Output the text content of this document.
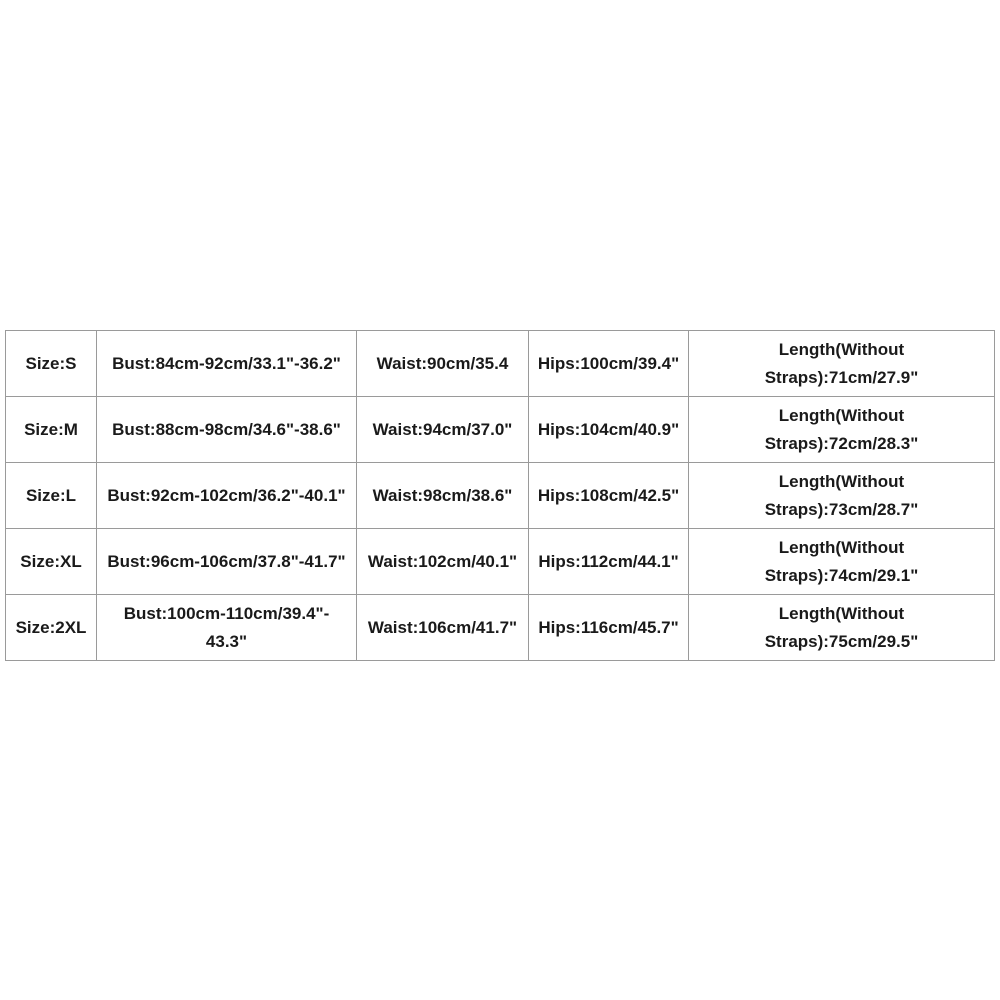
Size:S	Bust:84cm-92cm/33.1"-36.2"	Waist:90cm/35.4	Hips:100cm/39.4"	Length(Without
Straps):71cm/27.9"
Size:M	Bust:88cm-98cm/34.6"-38.6"	Waist:94cm/37.0"	Hips:104cm/40.9"	Length(Without
Straps):72cm/28.3"
Size:L	Bust:92cm-102cm/36.2"-40.1"	Waist:98cm/38.6"	Hips:108cm/42.5"	Length(Without
Straps):73cm/28.7"
Size:XL	Bust:96cm-106cm/37.8"-41.7"	Waist:102cm/40.1"	Hips:112cm/44.1"	Length(Without
Straps):74cm/29.1"
Size:2XL	Bust:100cm-110cm/39.4"-
43.3"	Waist:106cm/41.7"	Hips:116cm/45.7"	Length(Without
Straps):75cm/29.5"
